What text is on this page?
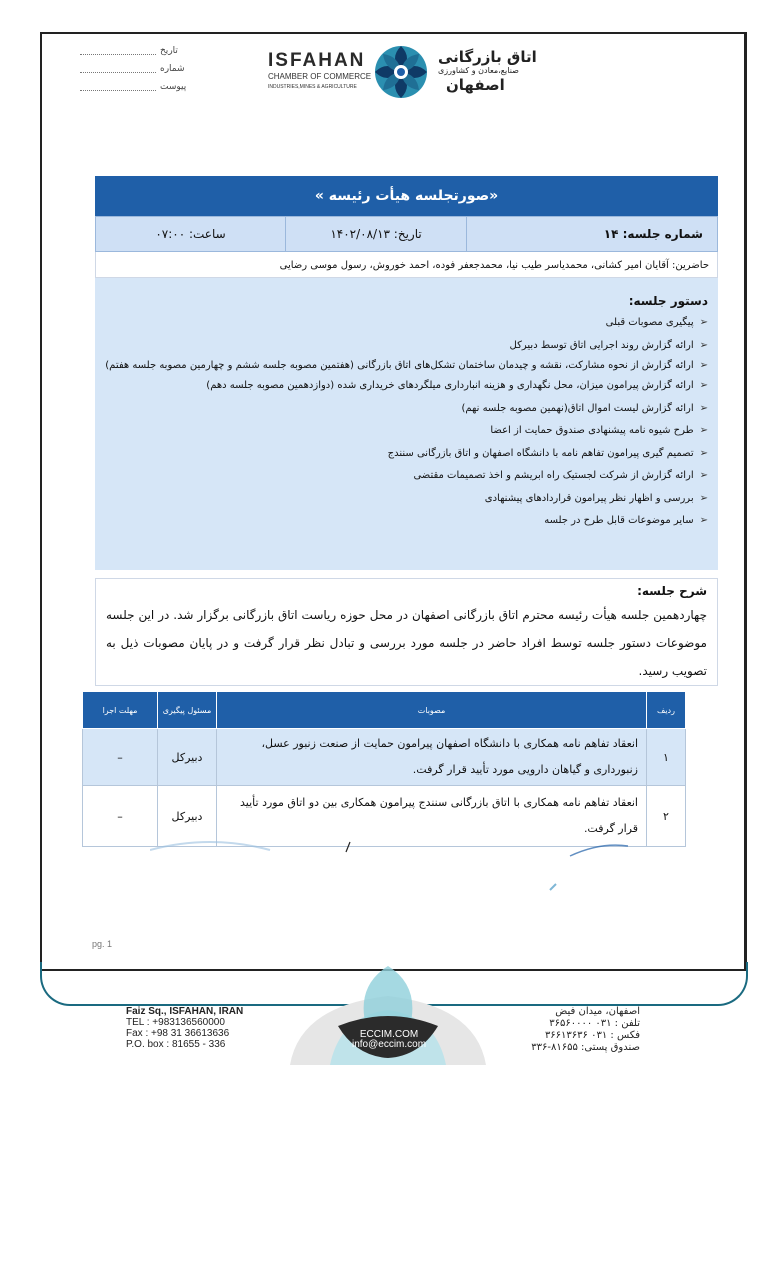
تاریخ
شماره
پیوست
ISFAHAN
CHAMBER OF COMMERCE
INDUSTRIES,MINES & AGRICULTURE
اتاق بازرگانی
صنایع،معادن و کشاورزی
اصفهان
«صورتجلسه هیأت رئیسه »
شماره جلسه: ۱۴
تاریخ: ۱۴۰۲/۰۸/۱۳
ساعت: ۰۷:۰۰
حاضرین: آقایان امیر کشانی، محمدیاسر طیب نیا، محمدجعفر فوده، احمد خوروش، رسول موسی رضایی
دستور جلسه:
➢
پیگیری مصوبات قبلی
➢
ارائه گزارش روند اجرایی اتاق توسط دبیرکل
➢
ارائه گزارش از نحوه مشارکت، نقشه و چیدمان ساختمان تشکل‌های اتاق بازرگانی (هفتمین مصوبه جلسه ششم و چهارمین مصوبه جلسه هفتم)
➢
ارائه گزارش پیرامون میزان، محل نگهداری و هزینه انبارداری میلگردهای خریداری شده (دوازدهمین مصوبه جلسه دهم)
➢
ارائه گزارش لیست اموال اتاق(نهمین مصوبه جلسه نهم)
➢
طرح شیوه نامه پیشنهادی صندوق حمایت از اعضا
➢
تصمیم گیری پیرامون تفاهم نامه با دانشگاه اصفهان و اتاق بازرگانی سنندج
➢
ارائه گزارش از شرکت لجستیک راه ابریشم و اخذ تصمیمات مقتضی
➢
بررسی و اظهار نظر پیرامون قراردادهای پیشنهادی
➢
سایر موضوعات قابل طرح در جلسه
شرح جلسه:
چهاردهمین جلسه هیأت رئیسه محترم اتاق بازرگانی اصفهان در محل حوزه ریاست اتاق بازرگانی برگزار شد. در این جلسه موضوعات دستور جلسه توسط افراد حاضر در جلسه مورد بررسی و تبادل نظر قرار گرفت و در پایان مصوبات ذیل به تصویب رسید.
ردیف	مصوبات	مسئول پیگیری	مهلت اجرا
۱	انعقاد تفاهم نامه همکاری با دانشگاه اصفهان پیرامون حمایت از صنعت زنبور عسل، زنبورداری و گیاهان دارویی مورد تأیید قرار گرفت.	دبیرکل	–
۲	انعقاد تفاهم نامه همکاری با اتاق بازرگانی سنندج پیرامون همکاری بین دو اتاق مورد تأیید قرار گرفت.	دبیرکل	–
pg. 1
Faiz Sq., ISFAHAN, IRAN
TEL : +983136560000
Fax : +98 31 36613636
P.O. box : 81655 - 336
ECCIM.COM
info@eccim.com
اصفهان، میدان فیض
تلفن : ۰۳۱ ۳۶۵۶۰۰۰۰
فکس : ۰۳۱ ۳۶۶۱۳۶۳۶
صندوق پستی: ۸۱۶۵۵-۳۳۶
